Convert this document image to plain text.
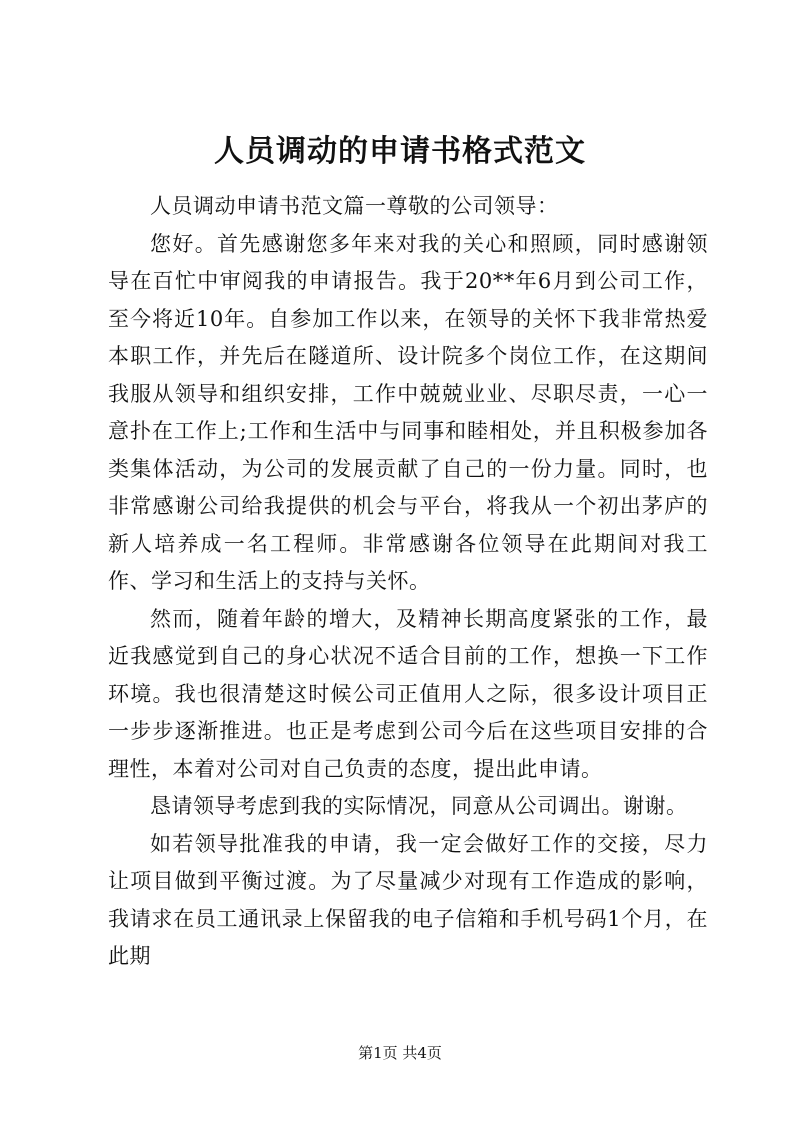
人员调动的申请书格式范文

人员调动申请书范文篇一尊敬的公司领导：

您好。首先感谢您多年来对我的关心和照顾，同时感谢领导在百忙中审阅我的申请报告。我于20**年6月到公司工作，至今将近10年。自参加工作以来，在领导的关怀下我非常热爱本职工作，并先后在隧道所、设计院多个岗位工作，在这期间我服从领导和组织安排，工作中兢兢业业、尽职尽责，一心一意扑在工作上;工作和生活中与同事和睦相处，并且积极参加各类集体活动，为公司的发展贡献了自己的一份力量。同时，也非常感谢公司给我提供的机会与平台，将我从一个初出茅庐的新人培养成一名工程师。非常感谢各位领导在此期间对我工作、学习和生活上的支持与关怀。

然而，随着年龄的增大，及精神长期高度紧张的工作，最近我感觉到自己的身心状况不适合目前的工作，想换一下工作环境。我也很清楚这时候公司正值用人之际，很多设计项目正一步步逐渐推进。也正是考虑到公司今后在这些项目安排的合理性，本着对公司对自己负责的态度，提出此申请。

恳请领导考虑到我的实际情况，同意从公司调出。谢谢。

如若领导批准我的申请，我一定会做好工作的交接，尽力让项目做到平衡过渡。为了尽量减少对现有工作造成的影响，我请求在员工通讯录上保留我的电子信箱和手机号码1个月，在此期

第1页 共4页
